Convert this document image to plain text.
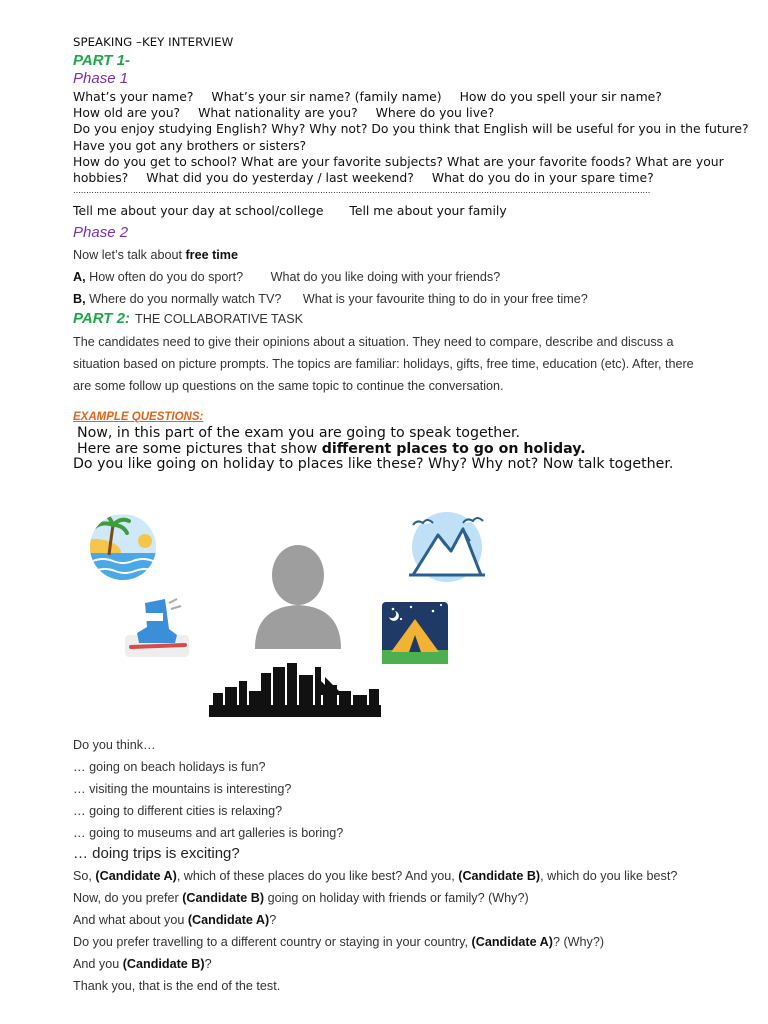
SPEAKING –KEY INTERVIEW
PART 1-
Phase 1
What’s your name? What’s your sir name? (family name) How do you spell your sir name?
How old are you? What nationality are you? Where do you live?
Do you enjoy studying English? Why? Why not? Do you think that English will be useful for you in the future?
Have you got any brothers or sisters?
How do you get to school? What are your favorite subjects? What are your favorite foods? What are your
hobbies? What did you do yesterday / last weekend? What do you do in your spare time?
……………………………………………………………………………………………………………………………………………………………………………………………………
Tell me about your day at school/college Tell me about your family
Phase 2
Now let’s talk about free time
A, How often do you do sport? What do you like doing with your friends?
B, Where do you normally watch TV? What is your favourite thing to do in your free time?
PART 2: THE COLLABORATIVE TASK
The candidates need to give their opinions about a situation. They need to compare, describe and discuss a
situation based on picture prompts. The topics are familiar: holidays, gifts, free time, education (etc). After, there
are some follow up questions on the same topic to continue the conversation.
EXAMPLE QUESTIONS:
Now, in this part of the exam you are going to speak together.
Here are some pictures that show different places to go on holiday.
Do you like going on holiday to places like these? Why? Why not? Now talk together.
Do you think…
… going on beach holidays is fun?
… visiting the mountains is interesting?
… going to different cities is relaxing?
… going to museums and art galleries is boring?
… doing trips is exciting?
So, (Candidate A), which of these places do you like best? And you, (Candidate B), which do you like best?
Now, do you prefer (Candidate B) going on holiday with friends or family? (Why?)
And what about you (Candidate A)?
Do you prefer travelling to a different country or staying in your country, (Candidate A)? (Why?)
And you (Candidate B)?
Thank you, that is the end of the test.
